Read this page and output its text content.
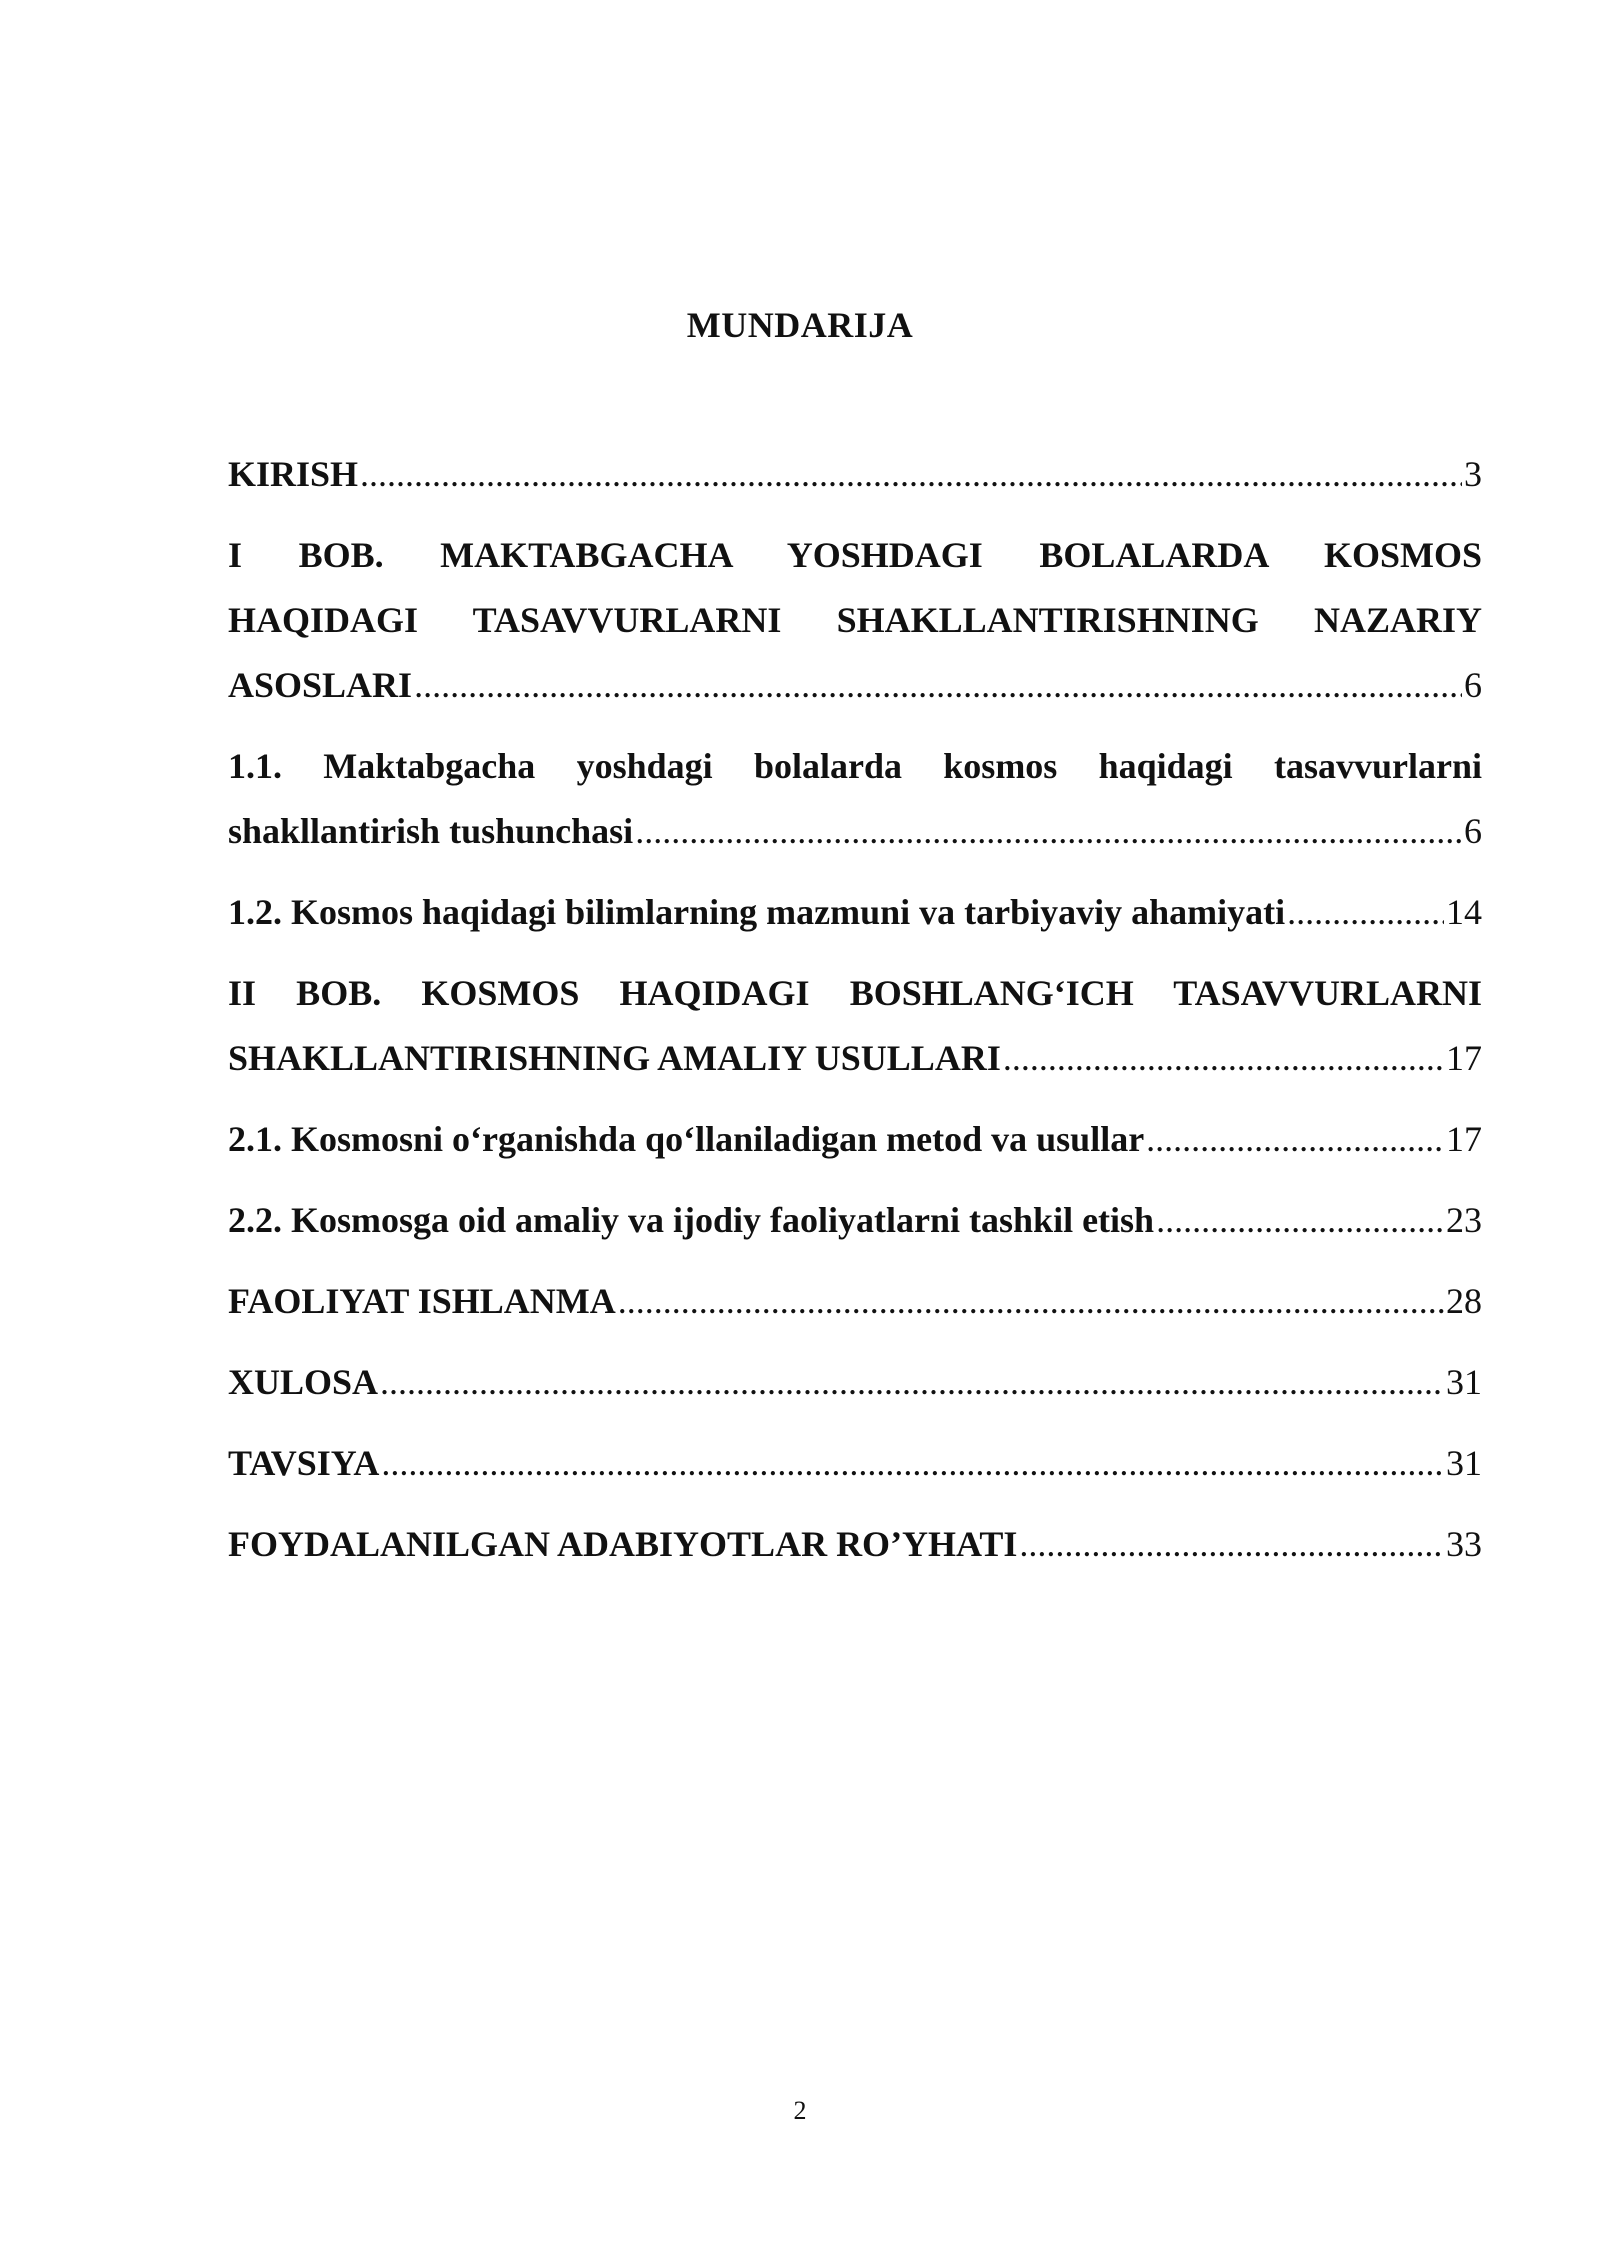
MUNDARIJA
KIRISH .....	3
I BOB. MAKTABGACHA YOSHDAGI BOLALARDA KOSMOS
HAQIDAGI TASAVVURLARNI SHAKLLANTIRISHNING NAZARIY
ASOSLARI .....	6
1.1. Maktabgacha yoshdagi bolalarda kosmos haqidagi tasavvurlarni
shakllantirish tushunchasi .....	6
1.2. Kosmos haqidagi bilimlarning mazmuni va tarbiyaviy ahamiyati .....	14
II BOB. KOSMOS HAQIDAGI BOSHLANG‘ICH TASAVVURLARNI
SHAKLLANTIRISHNING AMALIY USULLARI .....	17
2.1. Kosmosni o‘rganishda qo‘llaniladigan metod va usullar .....	17
2.2. Kosmosga oid amaliy va ijodiy faoliyatlarni tashkil etish .....	23
FAOLIYAT ISHLANMA .....	28
XULOSA .....	31
TAVSIYA .....	31
FOYDALANILGAN ADABIYOTLAR RO’YHATI .....	33
2
